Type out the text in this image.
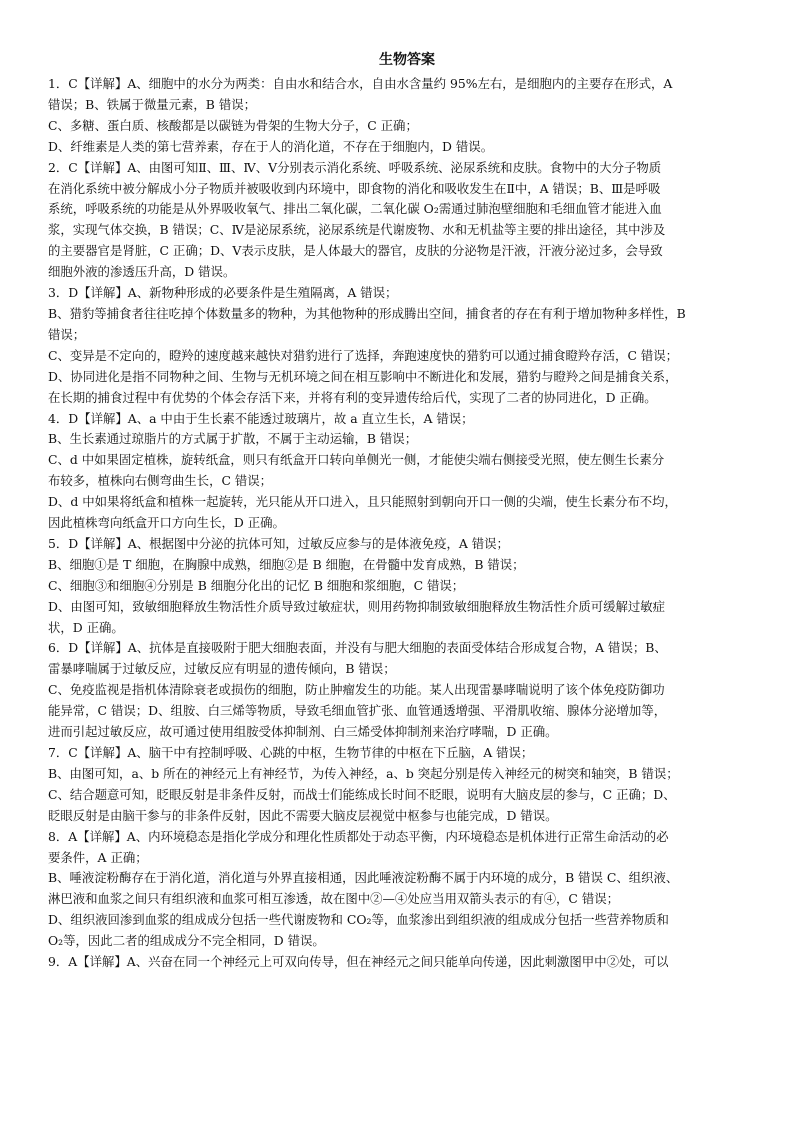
生物答案
1．C【详解】A、细胞中的水分为两类：自由水和结合水，自由水含量约 95%左右，是细胞内的主要存在形式，A
错误；B、铁属于微量元素，B 错误；
C、多糖、蛋白质、核酸都是以碳链为骨架的生物大分子，C 正确；
D、纤维素是人类的第七营养素，存在于人的消化道，不存在于细胞内，D 错误。
2．C【详解】A、由图可知Ⅱ、Ⅲ、Ⅳ、Ⅴ分别表示消化系统、呼吸系统、泌尿系统和皮肤。食物中的大分子物质
在消化系统中被分解成小分子物质并被吸收到内环境中，即食物的消化和吸收发生在Ⅱ中，A 错误；B、Ⅲ是呼吸
系统，呼吸系统的功能是从外界吸收氧气、排出二氧化碳，二氧化碳 O₂需通过肺泡壁细胞和毛细血管才能进入血
浆，实现气体交换，B 错误；C、Ⅳ是泌尿系统，泌尿系统是代谢废物、水和无机盐等主要的排出途径，其中涉及
的主要器官是肾脏，C 正确；D、Ⅴ表示皮肤，是人体最大的器官，皮肤的分泌物是汗液，汗液分泌过多，会导致
细胞外液的渗透压升高，D 错误。
3．D【详解】A、新物种形成的必要条件是生殖隔离，A 错误；
B、猎豹等捕食者往往吃掉个体数量多的物种，为其他物种的形成腾出空间，捕食者的存在有利于增加物种多样性，B
错误；
C、变异是不定向的，瞪羚的速度越来越快对猎豹进行了选择，奔跑速度快的猎豹可以通过捕食瞪羚存活，C 错误；
D、协同进化是指不同物种之间、生物与无机环境之间在相互影响中不断进化和发展，猎豹与瞪羚之间是捕食关系，
在长期的捕食过程中有优势的个体会存活下来，并将有利的变异遗传给后代，实现了二者的协同进化，D 正确。
4．D【详解】A、a 中由于生长素不能透过玻璃片，故 a 直立生长，A 错误；
B、生长素通过琼脂片的方式属于扩散，不属于主动运输，B 错误；
C、d 中如果固定植株，旋转纸盒，则只有纸盒开口转向单侧光一侧，才能使尖端右侧接受光照，使左侧生长素分
布较多，植株向右侧弯曲生长，C 错误；
D、d 中如果将纸盒和植株一起旋转，光只能从开口进入，且只能照射到朝向开口一侧的尖端，使生长素分布不均，
因此植株弯向纸盒开口方向生长，D 正确。
5．D【详解】A、根据图中分泌的抗体可知，过敏反应参与的是体液免疫，A 错误；
B、细胞①是 T 细胞，在胸腺中成熟，细胞②是 B 细胞，在骨髓中发育成熟，B 错误；
C、细胞③和细胞④分别是 B 细胞分化出的记忆 B 细胞和浆细胞，C 错误；
D、由图可知，致敏细胞释放生物活性介质导致过敏症状，则用药物抑制致敏细胞释放生物活性介质可缓解过敏症
状，D 正确。
6．D【详解】A、抗体是直接吸附于肥大细胞表面，并没有与肥大细胞的表面受体结合形成复合物，A 错误；B、
雷暴哮喘属于过敏反应，过敏反应有明显的遗传倾向，B 错误；
C、免疫监视是指机体清除衰老或损伤的细胞，防止肿瘤发生的功能。某人出现雷暴哮喘说明了该个体免疫防御功
能异常，C 错误；D、组胺、白三烯等物质，导致毛细血管扩张、血管通透增强、平滑肌收缩、腺体分泌增加等，
进而引起过敏反应，故可通过使用组胺受体抑制剂、白三烯受体抑制剂来治疗哮喘，D 正确。
7．C【详解】A、脑干中有控制呼吸、心跳的中枢，生物节律的中枢在下丘脑，A 错误；
B、由图可知，a、b 所在的神经元上有神经节，为传入神经，a、b 突起分别是传入神经元的树突和轴突，B 错误；
C、结合题意可知，眨眼反射是非条件反射，而战士们能练成长时间不眨眼，说明有大脑皮层的参与，C 正确；D、
眨眼反射是由脑干参与的非条件反射，因此不需要大脑皮层视觉中枢参与也能完成，D 错误。
8．A【详解】A、内环境稳态是指化学成分和理化性质都处于动态平衡，内环境稳态是机体进行正常生命活动的必
要条件，A 正确；
B、唾液淀粉酶存在于消化道，消化道与外界直接相通，因此唾液淀粉酶不属于内环境的成分，B 错误 C、组织液、
淋巴液和血浆之间只有组织液和血浆可相互渗透，故在图中②—④处应当用双箭头表示的有④，C 错误；
D、组织液回渗到血浆的组成成分包括一些代谢废物和 CO₂等，血浆渗出到组织液的组成成分包括一些营养物质和
O₂等，因此二者的组成成分不完全相同，D 错误。
9．A【详解】A、兴奋在同一个神经元上可双向传导，但在神经元之间只能单向传递，因此刺激图甲中②处，可以
